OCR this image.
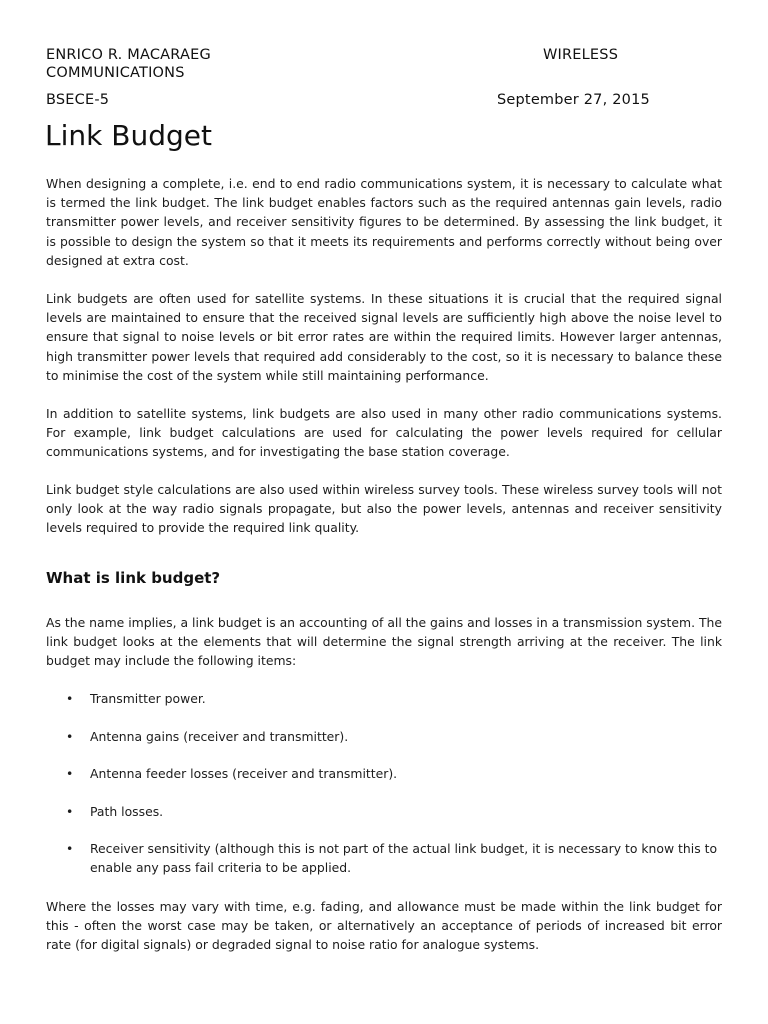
ENRICO R. MACARAEG	WIRELESS
COMMUNICATIONS
BSECE-5	September 27, 2015
Link Budget

When designing a complete, i.e. end to end radio communications system, it is necessary to calculate what is termed the link budget. The link budget enables factors such as the required antennas gain levels, radio transmitter power levels, and receiver sensitivity figures to be determined. By assessing the link budget, it is possible to design the system so that it meets its requirements and performs correctly without being over designed at extra cost.

Link budgets are often used for satellite systems. In these situations it is crucial that the required signal levels are maintained to ensure that the received signal levels are sufficiently high above the noise level to ensure that signal to noise levels or bit error rates are within the required limits. However larger antennas, high transmitter power levels that required add considerably to the cost, so it is necessary to balance these to minimise the cost of the system while still maintaining performance.

In addition to satellite systems, link budgets are also used in many other radio communications systems. For example, link budget calculations are used for calculating the power levels required for cellular communications systems, and for investigating the base station coverage.

Link budget style calculations are also used within wireless survey tools. These wireless survey tools will not only look at the way radio signals propagate, but also the power levels, antennas and receiver sensitivity levels required to provide the required link quality.

What is link budget?

As the name implies, a link budget is an accounting of all the gains and losses in a transmission system. The link budget looks at the elements that will determine the signal strength arriving at the receiver. The link budget may include the following items:

• Transmitter power.
• Antenna gains (receiver and transmitter).
• Antenna feeder losses (receiver and transmitter).
• Path losses.
• Receiver sensitivity (although this is not part of the actual link budget, it is necessary to know this to enable any pass fail criteria to be applied.

Where the losses may vary with time, e.g. fading, and allowance must be made within the link budget for this - often the worst case may be taken, or alternatively an acceptance of periods of increased bit error rate (for digital signals) or degraded signal to noise ratio for analogue systems.
